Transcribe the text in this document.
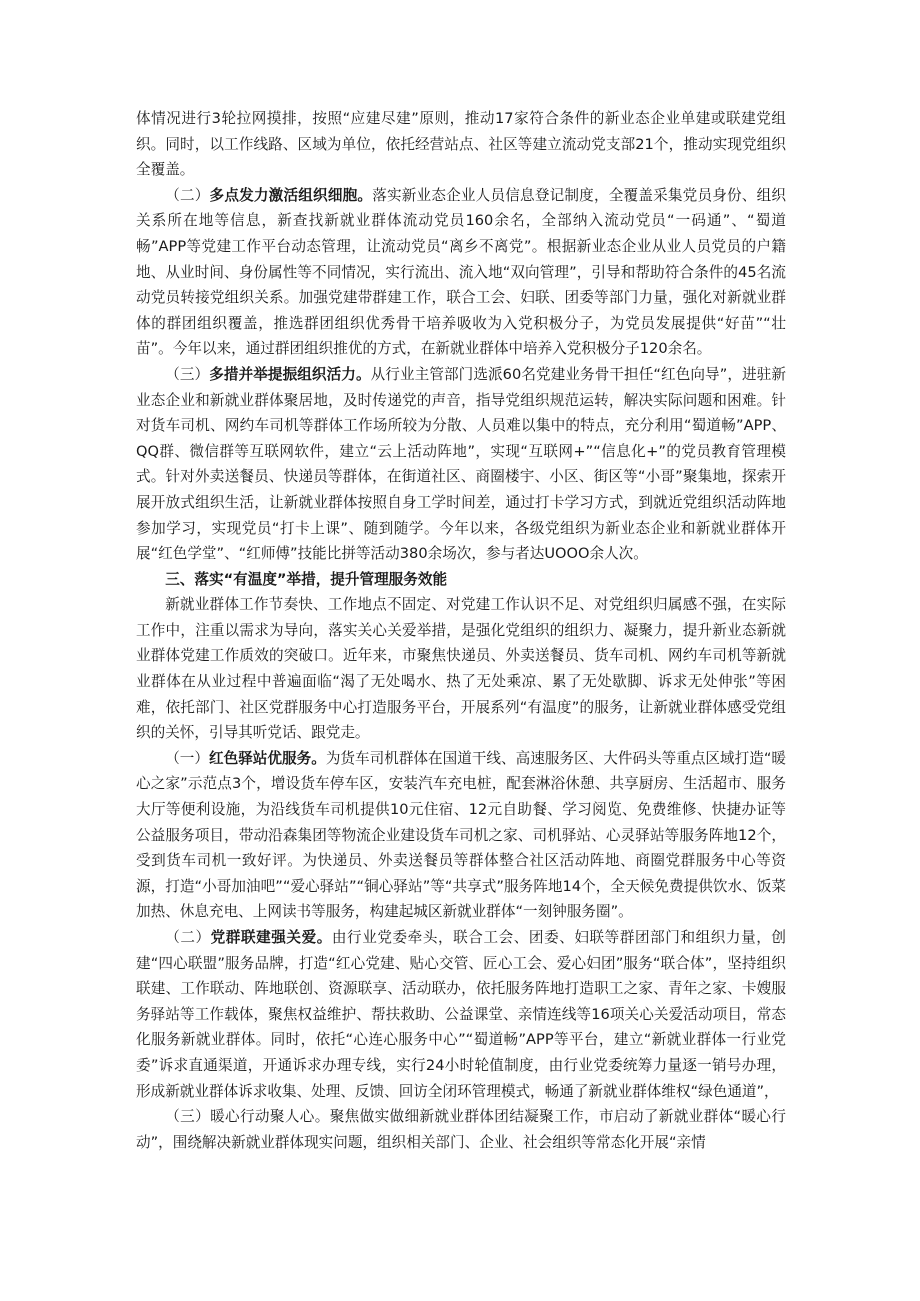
体情况进行3轮拉网摸排，按照“应建尽建”原则，推动17家符合条件的新业态企业单建或联建党组织。同时，以工作线路、区域为单位，依托经营站点、社区等建立流动党支部21个，推动实现党组织全覆盖。

（二）多点发力激活组织细胞。落实新业态企业人员信息登记制度，全覆盖采集党员身份、组织关系所在地等信息，新查找新就业群体流动党员160余名，全部纳入流动党员“一码通”、“蜀道畅”APP等党建工作平台动态管理，让流动党员“离乡不离党”。根据新业态企业从业人员党员的户籍地、从业时间、身份属性等不同情况，实行流出、流入地“双向管理”，引导和帮助符合条件的45名流动党员转接党组织关系。加强党建带群建工作，联合工会、妇联、团委等部门力量，强化对新就业群体的群团组织覆盖，推选群团组织优秀骨干培养吸收为入党积极分子，为党员发展提供“好苗”“壮苗”。今年以来，通过群团组织推优的方式，在新就业群体中培养入党积极分子120余名。

（三）多措并举提振组织活力。从行业主管部门选派60名党建业务骨干担任“红色向导”，进驻新业态企业和新就业群体聚居地，及时传递党的声音，指导党组织规范运转，解决实际问题和困难。针对货车司机、网约车司机等群体工作场所较为分散、人员难以集中的特点，充分利用“蜀道畅”APP、QQ群、微信群等互联网软件，建立“云上活动阵地”，实现“互联网+”“信息化+”的党员教育管理模式。针对外卖送餐员、快递员等群体，在街道社区、商圈楼宇、小区、街区等“小哥”聚集地，探索开展开放式组织生活，让新就业群体按照自身工学时间差，通过打卡学习方式，到就近党组织活动阵地参加学习，实现党员“打卡上课”、随到随学。今年以来，各级党组织为新业态企业和新就业群体开展“红色学堂”、“红师傅”技能比拼等活动380余场次，参与者达UOOO余人次。

三、落实“有温度”举措，提升管理服务效能

新就业群体工作节奏快、工作地点不固定、对党建工作认识不足、对党组织归属感不强，在实际工作中，注重以需求为导向，落实关心关爱举措，是强化党组织的组织力、凝聚力，提升新业态新就业群体党建工作质效的突破口。近年来，市聚焦快递员、外卖送餐员、货车司机、网约车司机等新就业群体在从业过程中普遍面临“渴了无处喝水、热了无处乘凉、累了无处歇脚、诉求无处伸张”等困难，依托部门、社区党群服务中心打造服务平台，开展系列“有温度”的服务，让新就业群体感受党组织的关怀，引导其听党话、跟党走。

（一）红色驿站优服务。为货车司机群体在国道干线、高速服务区、大件码头等重点区域打造“暖心之家”示范点3个，增设货车停车区，安装汽车充电桩，配套淋浴休憩、共享厨房、生活超市、服务大厅等便利设施，为沿线货车司机提供10元住宿、12元自助餐、学习阅览、免费维修、快捷办证等公益服务项目，带动沿森集团等物流企业建设货车司机之家、司机驿站、心灵驿站等服务阵地12个，受到货车司机一致好评。为快递员、外卖送餐员等群体整合社区活动阵地、商圈党群服务中心等资源，打造“小哥加油吧”“爱心驿站”“铜心驿站”等“共享式”服务阵地14个，全天候免费提供饮水、饭菜加热、休息充电、上网读书等服务，构建起城区新就业群体“一刻钟服务圈”。

（二）党群联建强关爱。由行业党委牵头，联合工会、团委、妇联等群团部门和组织力量，创建“四心联盟”服务品牌，打造“红心党建、贴心交管、匠心工会、爱心妇团”服务“联合体”，坚持组织联建、工作联动、阵地联创、资源联享、活动联办，依托服务阵地打造职工之家、青年之家、卡嫂服务驿站等工作载体，聚焦权益维护、帮扶救助、公益课堂、亲情连线等16项关心关爱活动项目，常态化服务新就业群体。同时，依托“心连心服务中心”“蜀道畅”APP等平台，建立“新就业群体一行业党委”诉求直通渠道，开通诉求办理专线，实行24小时轮值制度，由行业党委统筹力量逐一销号办理，形成新就业群体诉求收集、处理、反馈、回访全闭环管理模式，畅通了新就业群体维权“绿色通道”，

（三）暖心行动聚人心。聚焦做实做细新就业群体团结凝聚工作，市启动了新就业群体“暖心行动”，围绕解决新就业群体现实问题，组织相关部门、企业、社会组织等常态化开展“亲情
